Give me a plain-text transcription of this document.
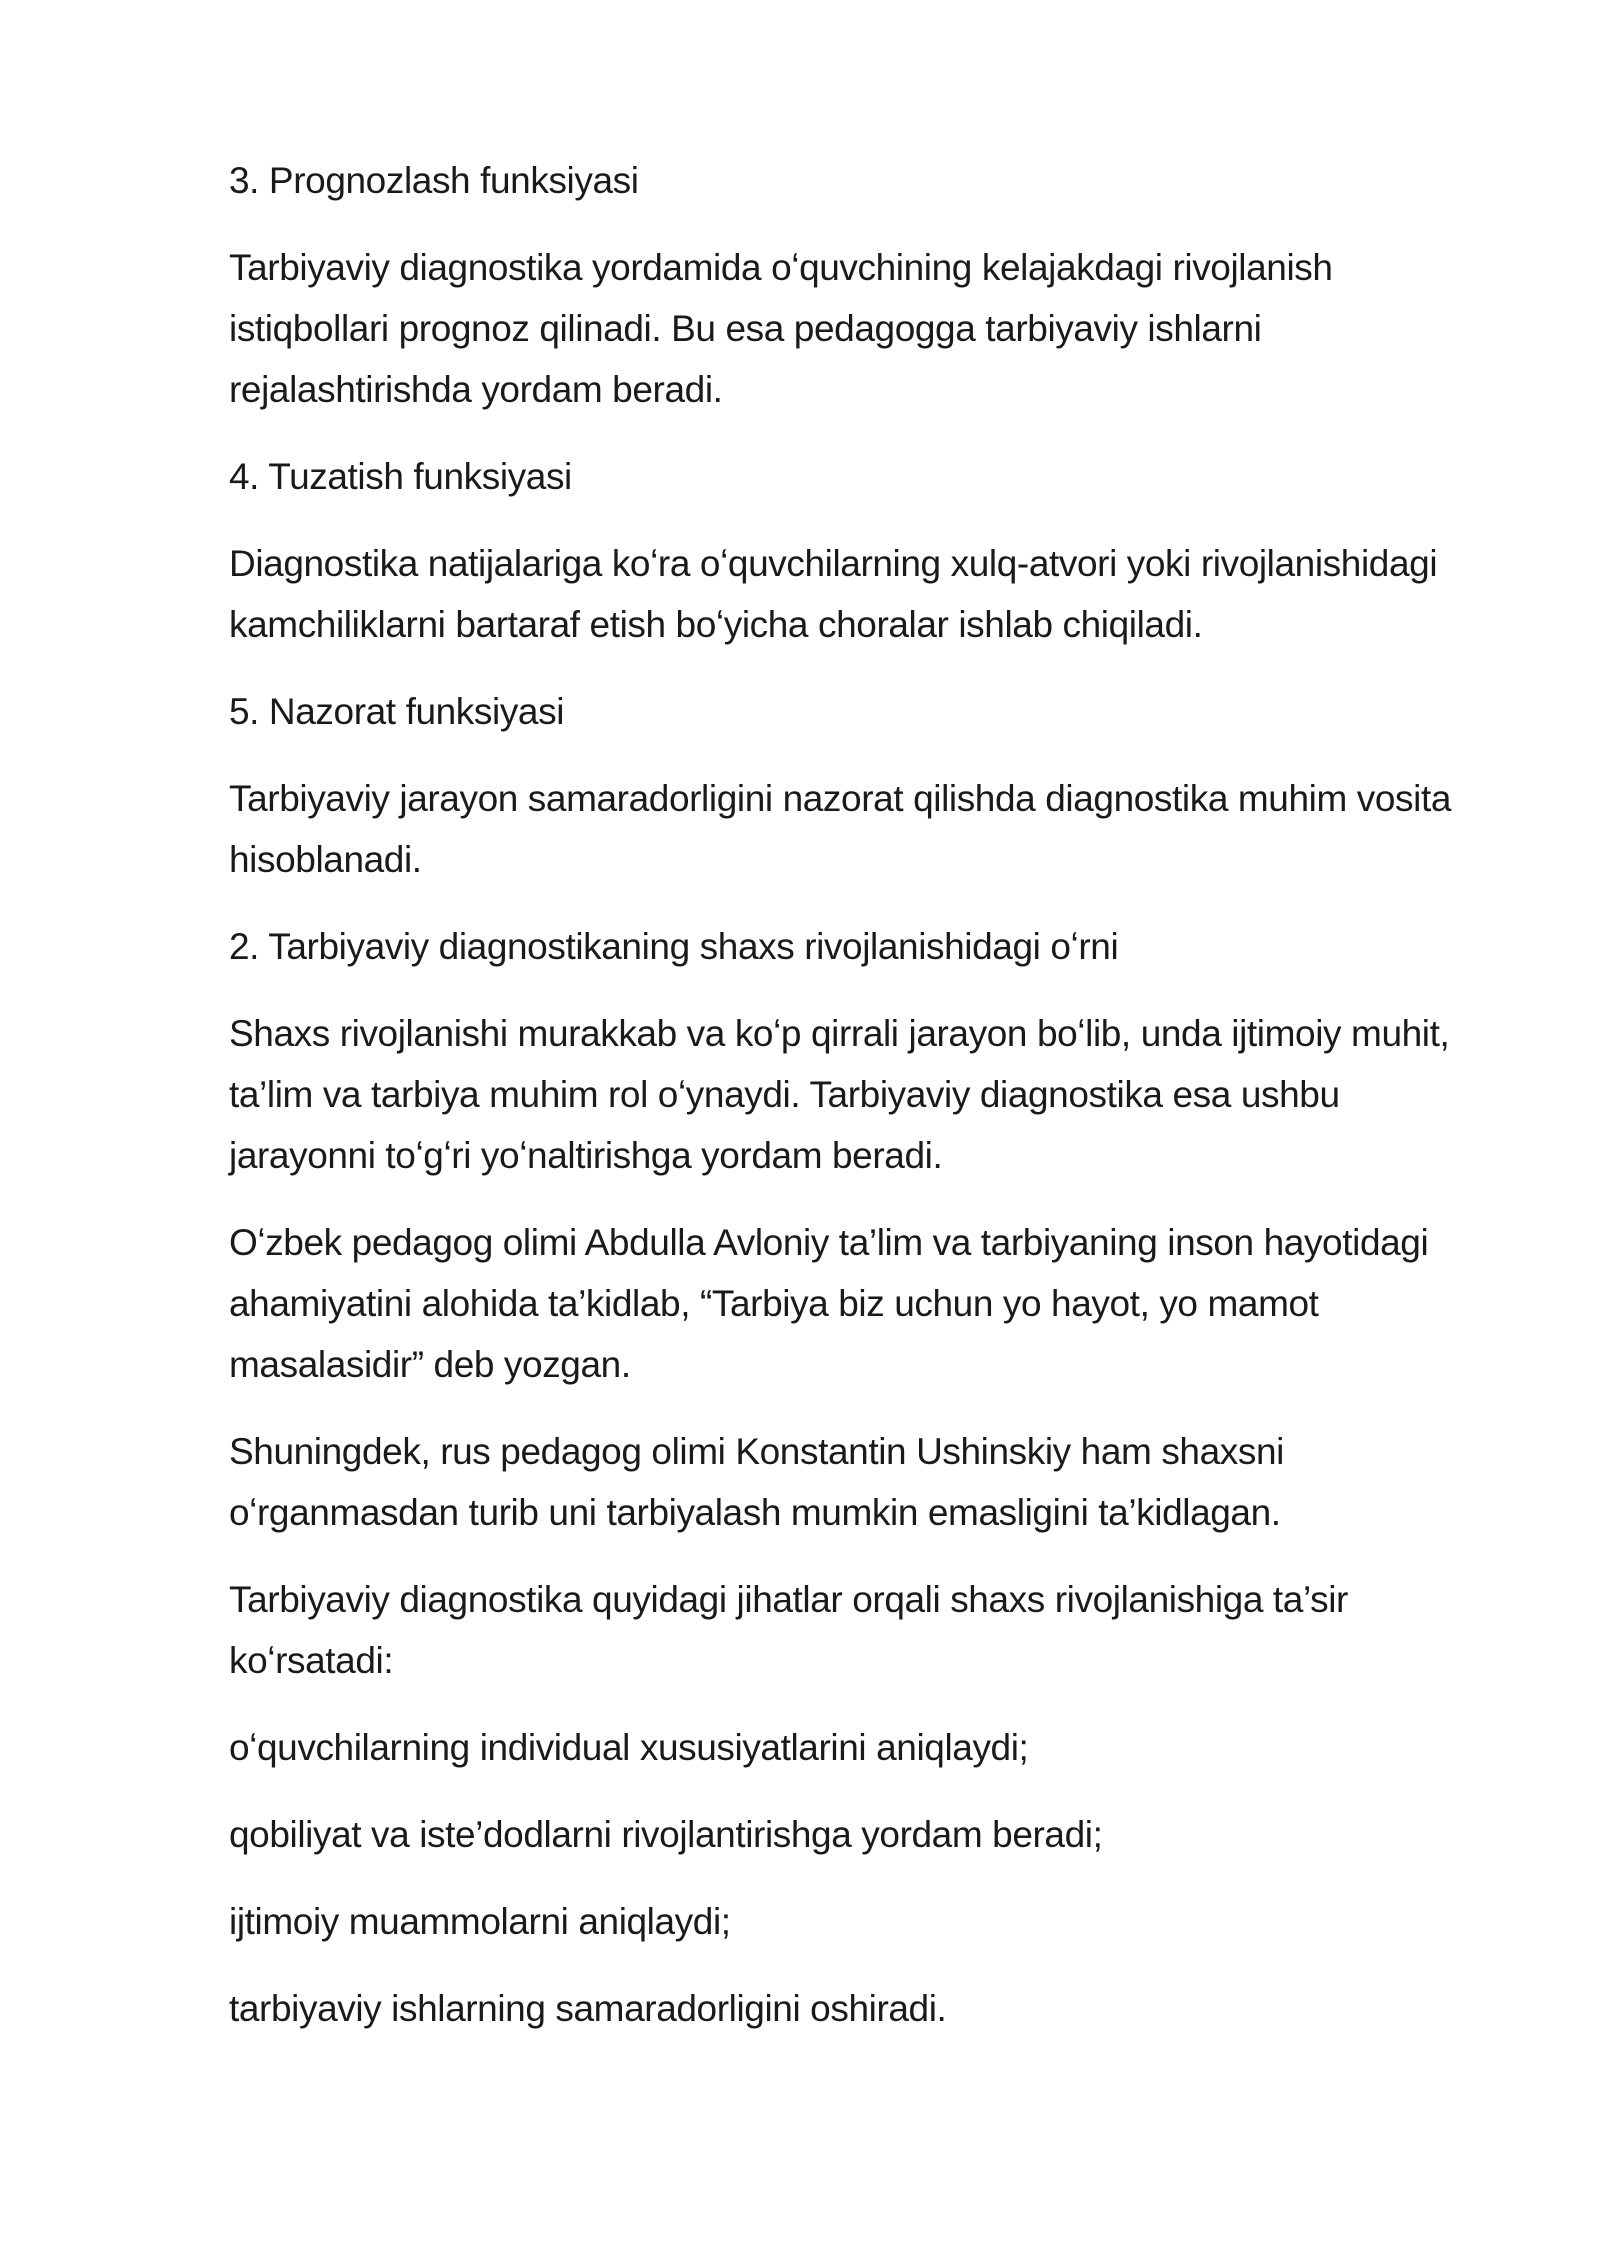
3. Prognozlash funksiyasi

Tarbiyaviy diagnostika yordamida oʻquvchining kelajakdagi rivojlanish istiqbollari prognoz qilinadi. Bu esa pedagogga tarbiyaviy ishlarni rejalashtirishda yordam beradi.

4. Tuzatish funksiyasi

Diagnostika natijalariga koʻra oʻquvchilarning xulq-atvori yoki rivojlanishidagi kamchiliklarni bartaraf etish boʻyicha choralar ishlab chiqiladi.

5. Nazorat funksiyasi

Tarbiyaviy jarayon samaradorligini nazorat qilishda diagnostika muhim vosita hisoblanadi.

2. Tarbiyaviy diagnostikaning shaxs rivojlanishidagi oʻrni

Shaxs rivojlanishi murakkab va koʻp qirrali jarayon boʻlib, unda ijtimoiy muhit, ta’lim va tarbiya muhim rol oʻynaydi. Tarbiyaviy diagnostika esa ushbu jarayonni toʻgʻri yoʻnaltirishga yordam beradi.

Oʻzbek pedagog olimi Abdulla Avloniy ta’lim va tarbiyaning inson hayotidagi ahamiyatini alohida ta’kidlab, “Tarbiya biz uchun yo hayot, yo mamot masalasidir” deb yozgan.

Shuningdek, rus pedagog olimi Konstantin Ushinskiy ham shaxsni oʻrganmasdan turib uni tarbiyalash mumkin emasligini ta’kidlagan.

Tarbiyaviy diagnostika quyidagi jihatlar orqali shaxs rivojlanishiga ta’sir koʻrsatadi:

oʻquvchilarning individual xususiyatlarini aniqlaydi;

qobiliyat va iste’dodlarni rivojlantirishga yordam beradi;

ijtimoiy muammolarni aniqlaydi;

tarbiyaviy ishlarning samaradorligini oshiradi.
